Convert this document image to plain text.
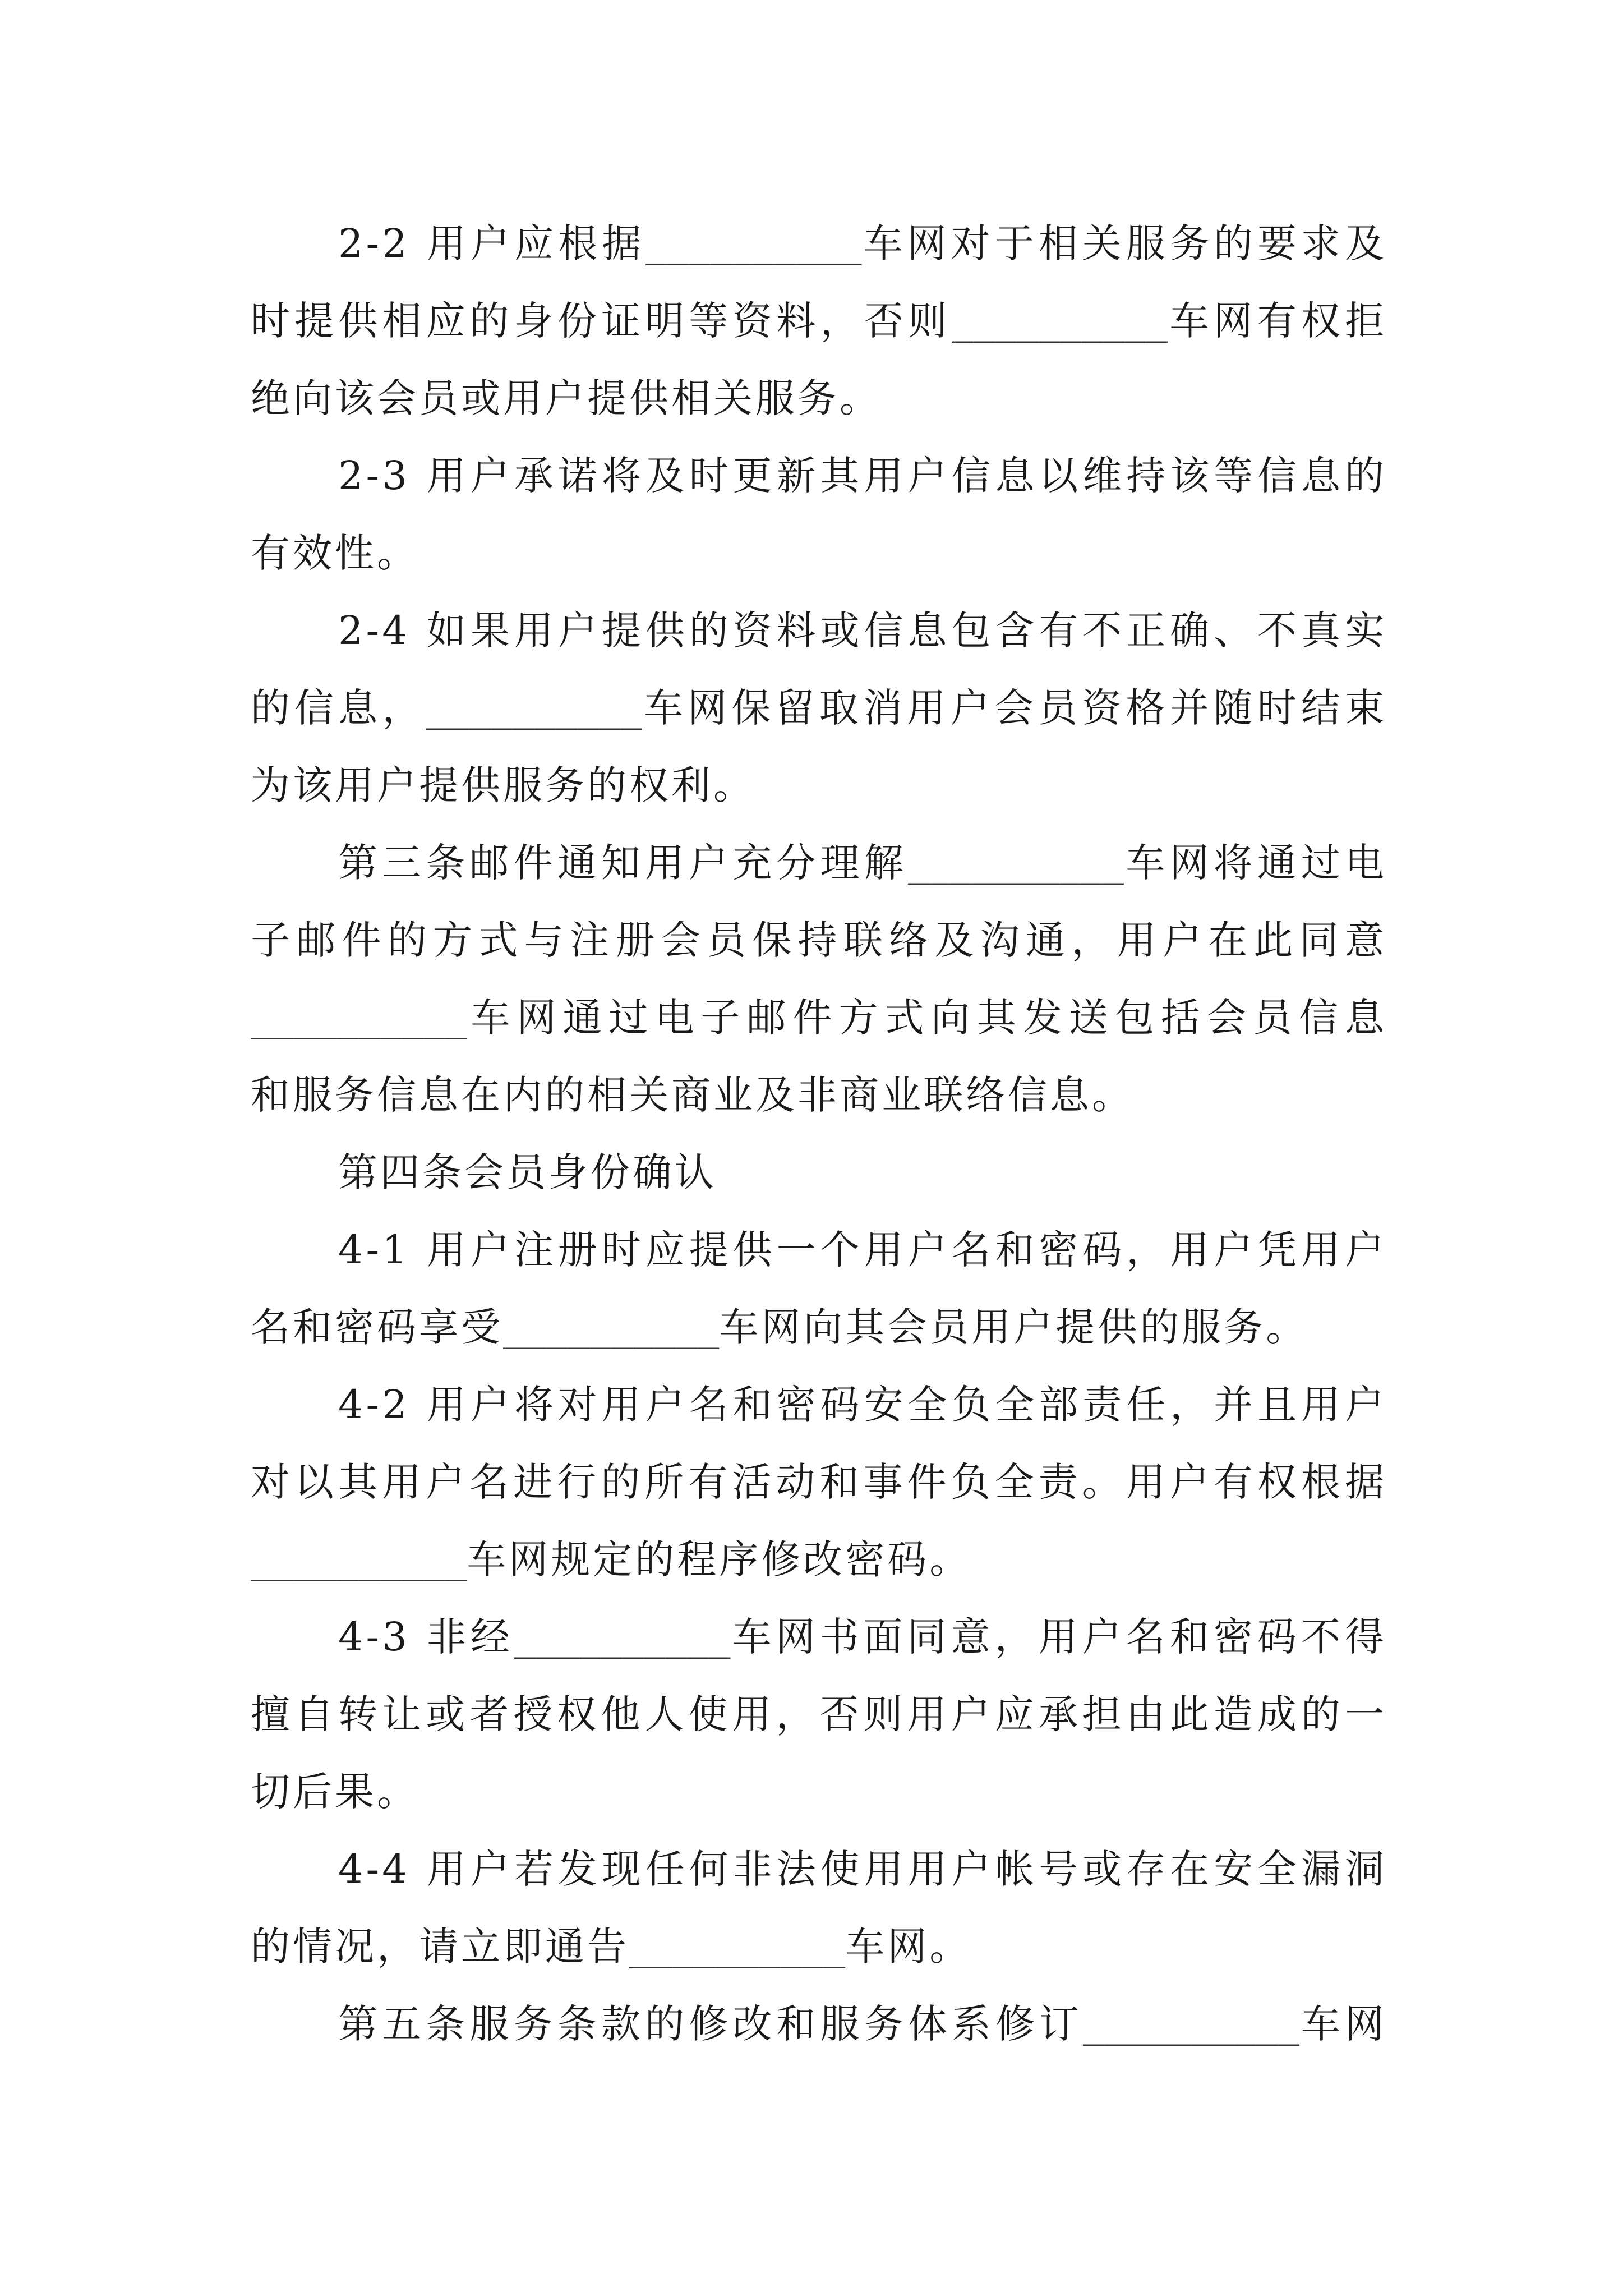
2-2 用户应根据__________车网对于相关服务的要求及
时提供相应的身份证明等资料，否则__________车网有权拒
绝向该会员或用户提供相关服务。
2-3 用户承诺将及时更新其用户信息以维持该等信息的
有效性。
2-4 如果用户提供的资料或信息包含有不正确、不真实
的信息，__________车网保留取消用户会员资格并随时结束
为该用户提供服务的权利。
第三条邮件通知用户充分理解__________车网将通过电
子邮件的方式与注册会员保持联络及沟通，用户在此同意
__________车网通过电子邮件方式向其发送包括会员信息
和服务信息在内的相关商业及非商业联络信息。
第四条会员身份确认
4-1 用户注册时应提供一个用户名和密码，用户凭用户
名和密码享受__________车网向其会员用户提供的服务。
4-2 用户将对用户名和密码安全负全部责任，并且用户
对以其用户名进行的所有活动和事件负全责。用户有权根据
__________车网规定的程序修改密码。
4-3 非经__________车网书面同意，用户名和密码不得
擅自转让或者授权他人使用，否则用户应承担由此造成的一
切后果。
4-4 用户若发现任何非法使用用户帐号或存在安全漏洞
的情况，请立即通告__________车网。
第五条服务条款的修改和服务体系修订__________车网
